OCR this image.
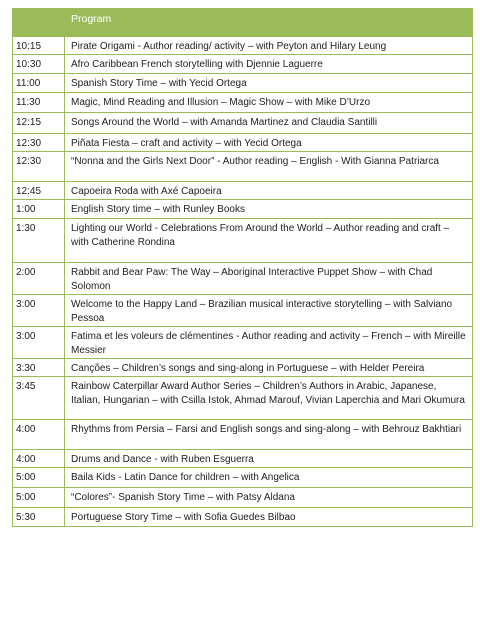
	Program
10:15	Pirate Origami - Author reading/ activity – with Peyton and Hilary Leung
10:30	Afro Caribbean French storytelling with Djennie Laguerre
11:00	Spanish Story Time – with Yecid Ortega
11:30	Magic, Mind Reading and Illusion – Magic Show – with Mike D’Urzo
12:15	Songs Around the World – with Amanda Martinez and Claudia Santilli
12:30	Piñata Fiesta – craft and activity – with Yecid Ortega
12:30	“Nonna and the Girls Next Door” - Author reading – English - With Gianna Patriarca
12:45	Capoeira Roda with Axé Capoeira
1:00	English Story time – with Runley Books
1:30	Lighting our World - Celebrations From Around the World – Author reading and craft – with Catherine Rondina
2:00	Rabbit and Bear Paw: The Way – Aboriginal Interactive Puppet Show – with Chad Solomon
3:00	Welcome to the Happy Land – Brazilian musical interactive storytelling – with Salviano Pessoa
3:00	Fatima et les voleurs de clémentines - Author reading and activity – French – with Mireille Messier
3:30	Canções – Children’s songs and sing-along in Portuguese – with Helder Pereira
3:45	Rainbow Caterpillar Award Author Series – Children’s Authors in Arabic, Japanese, Italian, Hungarian – with Csilla Istok, Ahmad Marouf, Vivian Laperchia and Mari Okumura
4:00	Rhythms from Persia – Farsi and English songs and sing-along – with Behrouz Bakhtiari
4:00	Drums and Dance - with Ruben Esguerra
5:00	Baila Kids - Latin Dance for children – with Angelica
5:00	“Colores”- Spanish Story Time – with Patsy Aldana
5:30	Portuguese Story Time – with Sofia Guedes Bilbao
